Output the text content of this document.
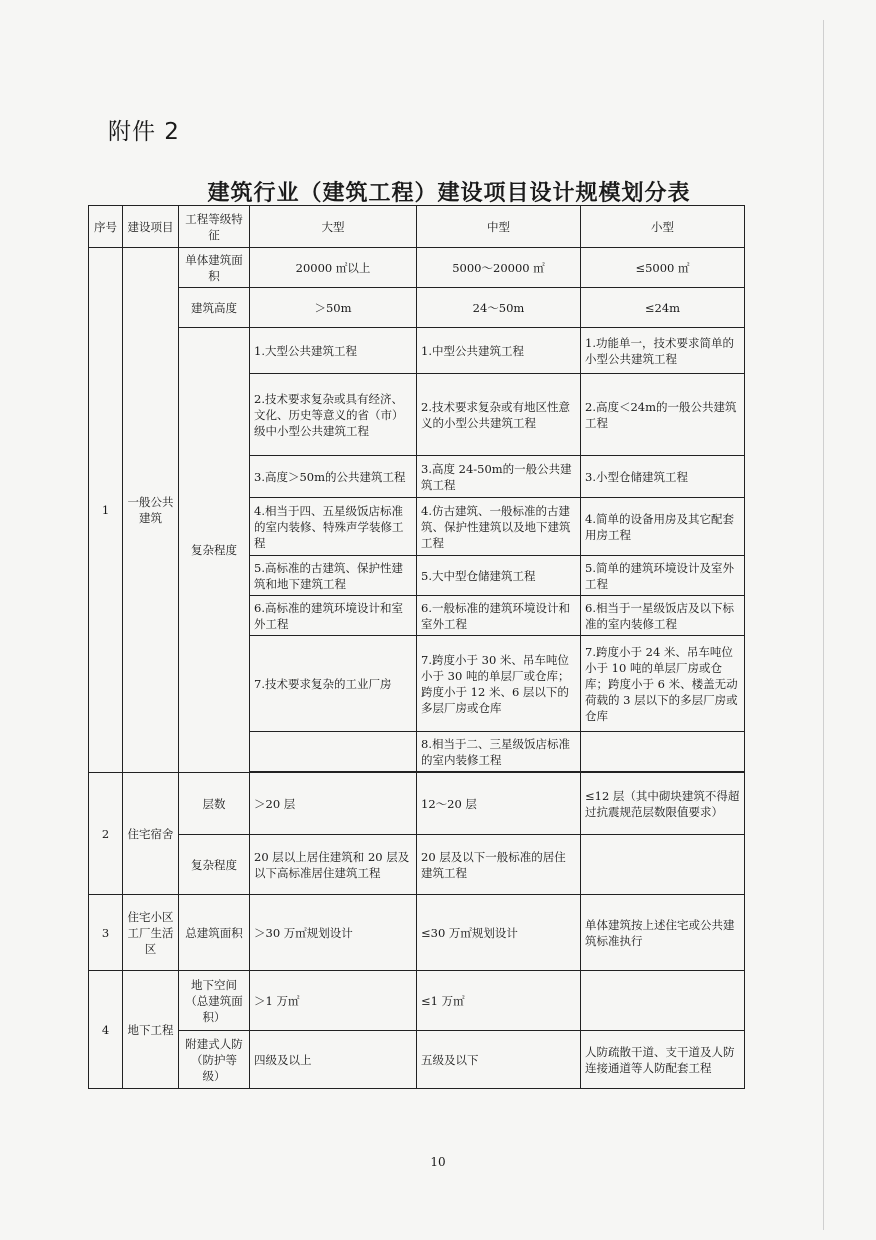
附件 2
建筑行业（建筑工程）建设项目设计规模划分表
序号	建设项目	工程等级特征	大型	中型	小型
1	一般公共建筑	单体建筑面积	20000 ㎡以上	5000～20000 ㎡	≤5000 ㎡
		建筑高度	＞50m	24～50m	≤24m
		复杂程度	1.大型公共建筑工程	1.中型公共建筑工程	1.功能单一，技术要求简单的小型公共建筑工程
			2.技术要求复杂或具有经济、文化、历史等意义的省（市）级中小型公共建筑工程	2.技术要求复杂或有地区性意义的小型公共建筑工程	2.高度＜24m的一般公共建筑工程
			3.高度＞50m的公共建筑工程	3.高度 24-50m的一般公共建筑工程	3.小型仓储建筑工程
			4.相当于四、五星级饭店标准的室内装修、特殊声学装修工程	4.仿古建筑、一般标准的古建筑、保护性建筑以及地下建筑工程	4.简单的设备用房及其它配套用房工程
			5.高标准的古建筑、保护性建筑和地下建筑工程	5.大中型仓储建筑工程	5.简单的建筑环境设计及室外工程
			6.高标准的建筑环境设计和室外工程	6.一般标准的建筑环境设计和室外工程	6.相当于一星级饭店及以下标准的室内装修工程
			7.技术要求复杂的工业厂房	7.跨度小于 30 米、吊车吨位小于 30 吨的单层厂或仓库；跨度小于 12 米、6 层以下的多层厂房或仓库	7.跨度小于 24 米、吊车吨位小于 10 吨的单层厂房或仓库；跨度小于 6 米、楼盖无动荷载的 3 层以下的多层厂房或仓库
				8.相当于二、三星级饭店标准的室内装修工程	

2	住宅宿舍	层数	＞20 层	12～20 层	≤12 层（其中砌块建筑不得超过抗震规范层数限值要求）
		复杂程度	20 层以上居住建筑和 20 层及以下高标准居住建筑工程	20 层及以下一般标准的居住建筑工程	
3	住宅小区工厂生活区	总建筑面积	＞30 万㎡规划设计	≤30 万㎡规划设计	单体建筑按上述住宅或公共建筑标准执行
4	地下工程	地下空间（总建筑面积）	＞1 万㎡	≤1 万㎡	
		附建式人防（防护等级）	四级及以上	五级及以下	人防疏散干道、支干道及人防连接通道等人防配套工程
10
